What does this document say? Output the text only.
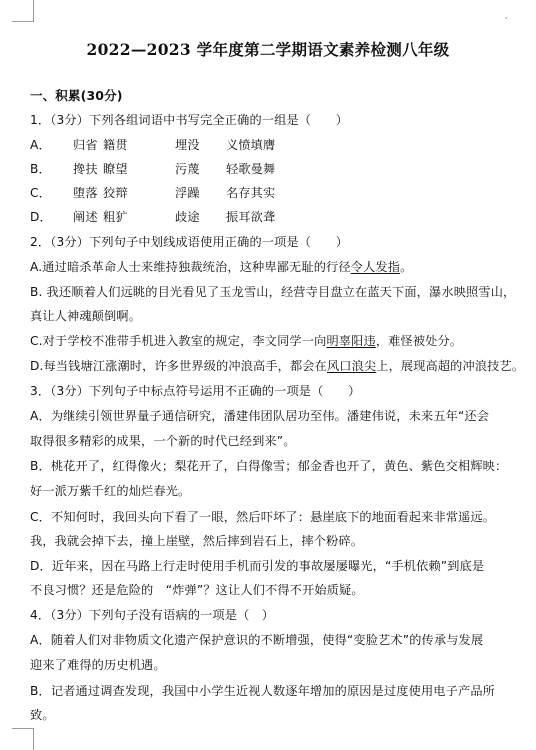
2022—2023 学年度第二学期语文素养检测八年级
一、积累(30分)
1．（3分）下列各组词语中书写完全正确的一组是（　　）
A． 归省 籍贯	埋没 义愤填膺
B． 搀扶 瞭望	污蔑 轻歌曼舞
C． 堕落 狡辩	浮躁 名存其实
D． 阐述 粗犷	歧途 振耳欲聋
2．（3分）下列句子中划线成语使用正确的一项是（　　）
A.通过暗杀革命人士来维持独裁统治，这种卑鄙无耻的行径令人发指。
B. 我还顺着人们远眺的目光看见了玉龙雪山，经营寺目盘立在蓝天下面，瀑水映照雪山，
真让人神魂颠倒啊。
C.对于学校不准带手机进入教室的规定，李文同学一向明辜阳违，难怪被处分。
D.每当钱塘江涨潮时，许多世界级的冲浪高手，都会在风口浪尖上，展现高超的冲浪技艺。
3．（3分）下列句子中标点符号运用不正确的一项是（　　）
A．为继续引领世界量子通信研究，潘建伟团队居功至伟。潘建伟说，未来五年“还会
取得很多精彩的成果，一个新的时代已经到来”。
B．桃花开了，红得像火；梨花开了，白得像雪；郁金香也开了，黄色、紫色交相辉映：
好一派万紫千红的灿烂春光。
C．不知何时，我回头向下看了一眼，然后吓坏了：悬崖底下的地面看起来非常遥远。
我，我就会掉下去，撞上崖壁，然后摔到岩石上，摔个粉碎。
D．近年来，因在马路上行走时使用手机而引发的事故屡屡曝光，“手机依赖”到底是
不良习惯？还是危险的　“炸弹”？这让人们不得不开始质疑。
4．（3分）下列句子没有语病的一项是（　）
A．随着人们对非物质文化遗产保护意识的不断增强，使得“变脸艺术”的传承与发展
迎来了难得的历史机遇。
B．记者通过调查发现，我国中小学生近视人数逐年增加的原因是过度使用电子产品所
致。
